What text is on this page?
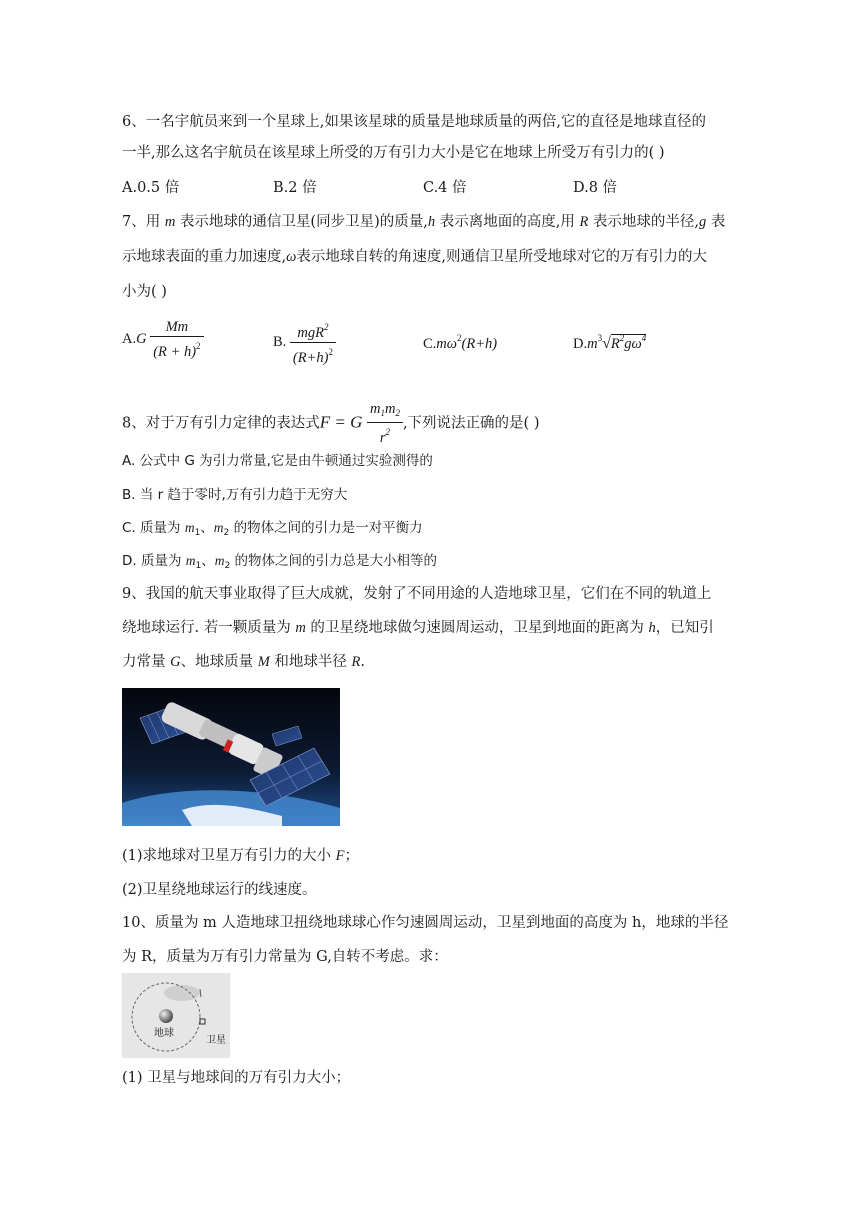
6、一名宇航员来到一个星球上,如果该星球的质量是地球质量的两倍,它的直径是地球直径的
一半,那么这名宇航员在该星球上所受的万有引力大小是它在地球上所受万有引力的( )
A.0.5 倍	B.2 倍	C.4 倍	D.8 倍
7、用 m 表示地球的通信卫星(同步卫星)的质量,h 表示离地面的高度,用 R 表示地球的半径,g 表
示地球表面的重力加速度,ω表示地球自转的角速度,则通信卫星所受地球对它的万有引力的大
小为( )
$A.G \frac{Mm}{(R + h)^2}$	B. $\frac{mgR^2}{(R+h)^2}$	$C.m\omega^2(R+h)$	$D.m^3√R^2g\omega^4$
8、对于万有引力定律的表达式F = G $\frac{m_1m_2}{r^2}$ ,下列说法正确的是( )
A. 公式中 G 为引力常量,它是由牛顿通过实验测得的
B. 当 r 趋于零时,万有引力趋于无穷大
C. 质量为 $m_1$、$m_2$ 的物体之间的引力是一对平衡力
D. 质量为 $m_1$、$m_2$ 的物体之间的引力总是大小相等的
9、我国的航天事业取得了巨大成就，发射了不同用途的人造地球卫星，它们在不同的轨道上
绕地球运行. 若一颗质量为 m 的卫星绕地球做匀速圆周运动，卫星到地面的距离为 h，已知引
力常量 G、地球质量 M 和地球半径 R.
(1)求地球对卫星万有引力的大小 F；
(2)卫星绕地球运行的线速度。
10、质量为 m 人造地球卫扭绕地球球心作匀速圆周运动，卫星到地面的高度为 h，地球的半径
为 R，质量为万有引力常量为 G,自转不考虑。求：
地球
卫星
(1) 卫星与地球间的万有引力大小；
